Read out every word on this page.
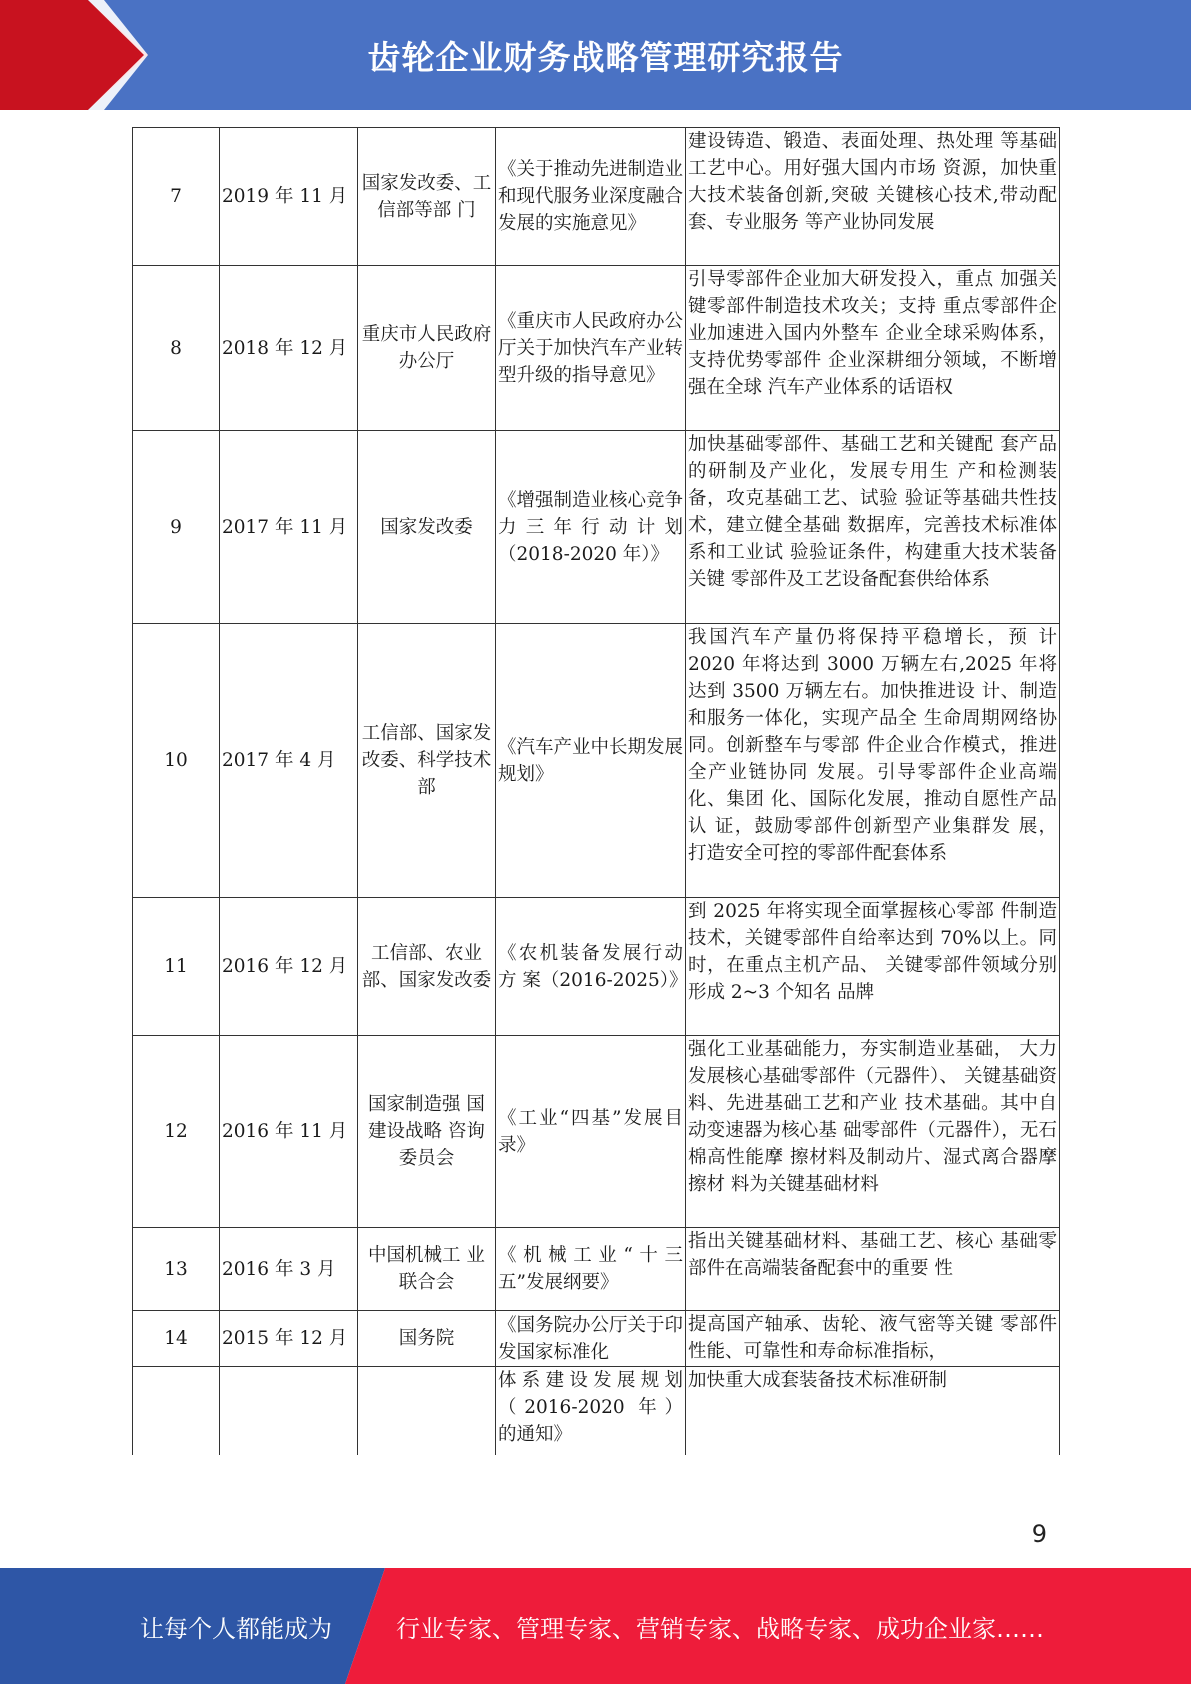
齿轮企业财务战略管理研究报告
7	2019 年 11 月	国家发改委、工信部等部 门	《关于推动先进制造业和现代服务业深度融合发展的实施意见》	建设铸造、锻造、表面处理、热处理 等基础工艺中心。用好强大国内市场 资源，加快重大技术装备创新,突破 关键核心技术,带动配套、专业服务 等产业协同发展
8	2018 年 12 月	重庆市人民政府办公厅	《重庆市人民政府办公厅关于加快汽车产业转型升级的指导意见》	引导零部件企业加大研发投入，重点 加强关键零部件制造技术攻关；支持 重点零部件企业加速进入国内外整车 企业全球采购体系，支持优势零部件 企业深耕细分领域，不断增强在全球 汽车产业体系的话语权
9	2017 年 11 月	国家发改委	《增强制造业核心竞争力三年行动计划（2018-2020 年）》	加快基础零部件、基础工艺和关键配 套产品的研制及产业化，发展专用生 产和检测装备，攻克基础工艺、试验 验证等基础共性技术，建立健全基础 数据库，完善技术标准体系和工业试 验验证条件，构建重大技术装备关键 零部件及工艺设备配套供给体系
10	2017 年 4 月	工信部、国家发改委、科学技术部	《汽车产业中长期发展规划》	我国汽车产量仍将保持平稳增长，预 计 2020 年将达到 3000 万辆左右,2025 年将达到 3500 万辆左右。加快推进设 计、制造和服务一体化，实现产品全 生命周期网络协同。创新整车与零部 件企业合作模式，推进全产业链协同 发展。引导零部件企业高端化、集团 化、国际化发展，推动自愿性产品认 证，鼓励零部件创新型产业集群发 展， 打造安全可控的零部件配套体系
11	2016 年 12 月	工信部、农业部、国家发改委	《农机装备发展行动 方 案（2016-2025）》	到 2025 年将实现全面掌握核心零部 件制造技术，关键零部件自给率达到 70%以上。同时，在重点主机产品、 关键零部件领域分别形成 2~3 个知名 品牌
12	2016 年 11 月	国家制造强 国建设战略 咨询委员会	《工业“四基”发展目录》	强化工业基础能力，夯实制造业基础， 大力发展核心基础零部件（元器件）、 关键基础资料、先进基础工艺和产业 技术基础。其中自动变速器为核心基 础零部件（元器件），无石棉高性能摩 擦材料及制动片、湿式离合器摩擦材 料为关键基础材料
13	2016 年 3 月	中国机械工 业联合会	《机械工业“十三五”发展纲要》	指出关键基础材料、基础工艺、核心 基础零部件在高端装备配套中的重要 性
14	2015 年 12 月	国务院	《国务院办公厅关于印发国家标准化	提高国产轴承、齿轮、液气密等关键 零部件性能、可靠性和寿命标准指标，
			体系建设发展规划（2016-2020 年） 的通知》	加快重大成套装备技术标准研制
9
让每个人都能成为	行业专家、管理专家、营销专家、战略专家、成功企业家……
